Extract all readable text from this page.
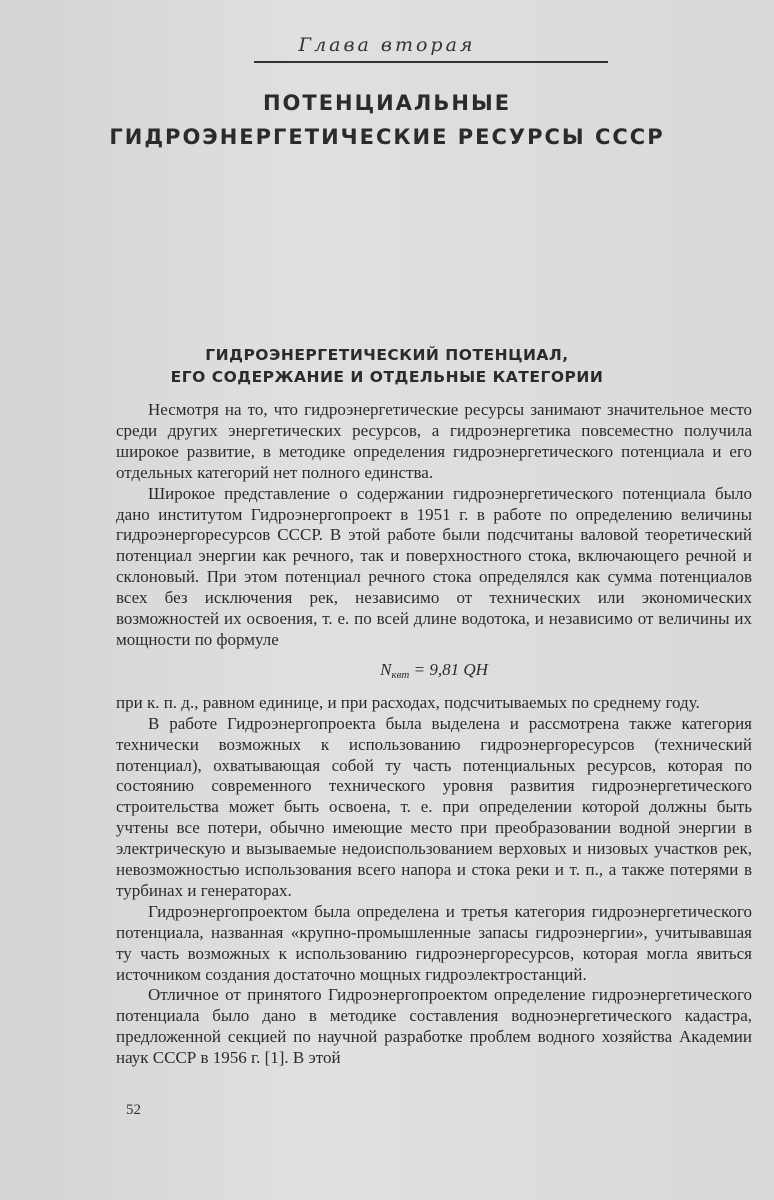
Глава вторая
ПОТЕНЦИАЛЬНЫЕ
ГИДРОЭНЕРГЕТИЧЕСКИЕ РЕСУРСЫ СССР
ГИДРОЭНЕРГЕТИЧЕСКИЙ ПОТЕНЦИАЛ,
ЕГО СОДЕРЖАНИЕ И ОТДЕЛЬНЫЕ КАТЕГОРИИ

Несмотря на то, что гидроэнергетические ресурсы занимают значительное место среди других энергетических ресурсов, а гидроэнергетика повсеместно получила широкое развитие, в методике определения гидроэнергетического потенциала и его отдельных категорий нет полного единства.

Широкое представление о содержании гидроэнергетического потенциала было дано институтом Гидроэнергопроект в 1951 г. в работе по определению величины гидроэнергоресурсов СССР. В этой работе были подсчитаны валовой теоретический потенциал энергии как речного, так и поверхностного стока, включающего речной и склоновый. При этом потенциал речного стока определялся как сумма потенциалов всех без исключения рек, независимо от технических или экономических возможностей их освоения, т. е. по всей длине водотока, и независимо от величины их мощности по формуле

$N_{квт} = 9,81$ QH

при к. п. д., равном единице, и при расходах, подсчитываемых по среднему году.

В работе Гидроэнергопроекта была выделена и рассмотрена также категория технически возможных к использованию гидроэнергоресурсов (технический потенциал), охватывающая собой ту часть потенциальных ресурсов, которая по состоянию современного технического уровня развития гидроэнергетического строительства может быть освоена, т. е. при определении которой должны быть учтены все потери, обычно имеющие место при преобразовании водной энергии в электрическую и вызываемые недоиспользованием верховых и низовых участков рек, невозможностью использования всего напора и стока реки и т. п., а также потерями в турбинах и генераторах.

Гидроэнергопроектом была определена и третья категория гидроэнергетического потенциала, названная «крупно-промышленные запасы гидроэнергии», учитывавшая ту часть возможных к использованию гидроэнергоресурсов, которая могла явиться источником создания достаточно мощных гидроэлектростанций.

Отличное от принятого Гидроэнергопроектом определение гидроэнергетического потенциала было дано в методике составления водноэнергетического кадастра, предложенной секцией по научной разработке проблем водного хозяйства Академии наук СССР в 1956 г. [1]. В этой

52
